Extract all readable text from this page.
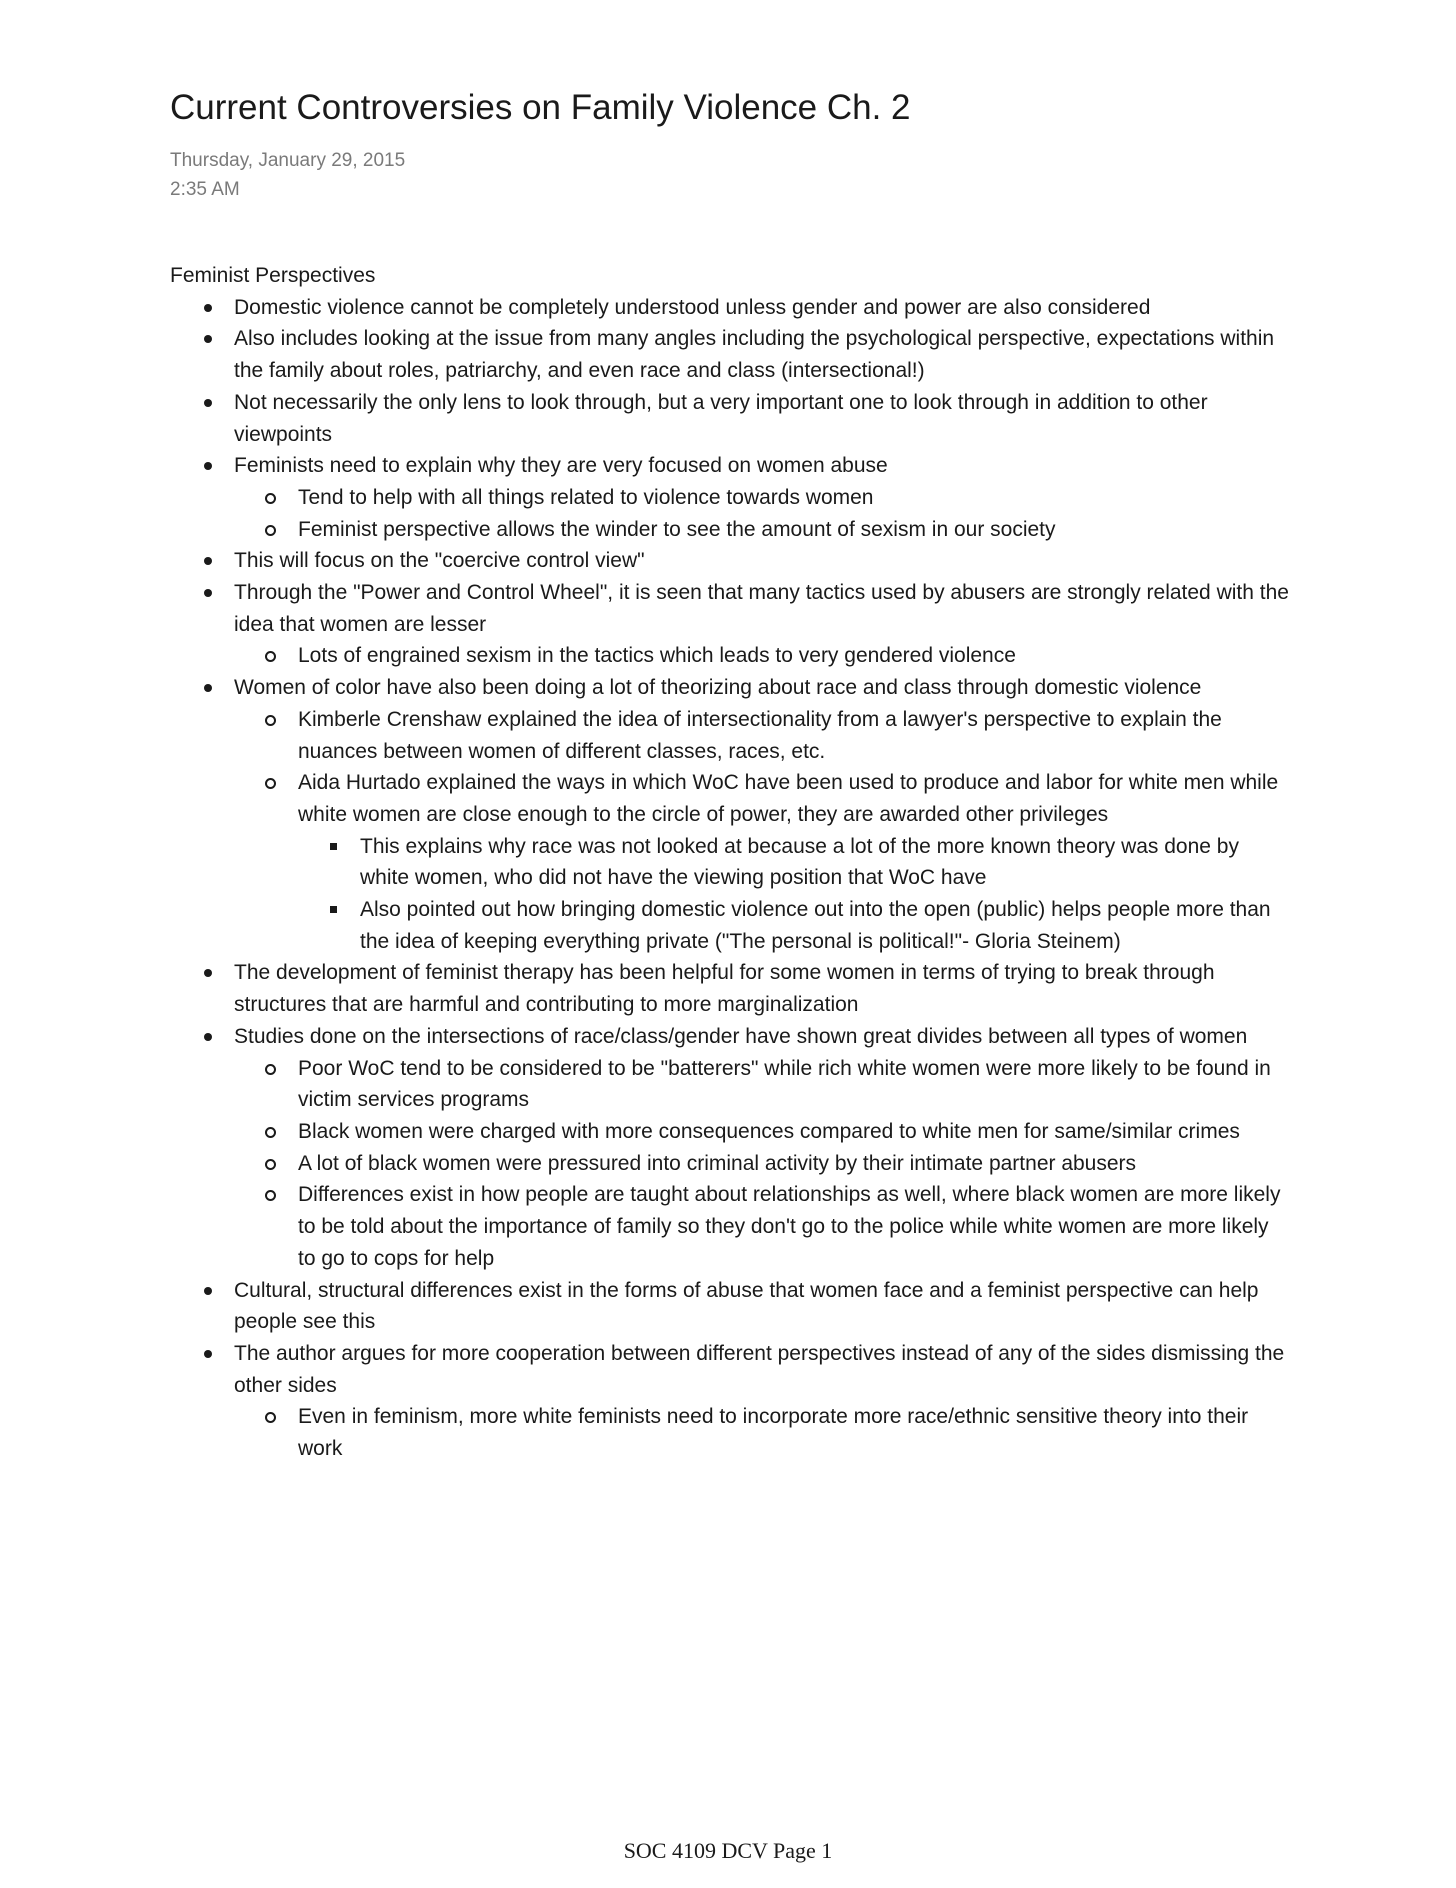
Current Controversies on Family Violence Ch. 2
Thursday, January 29, 2015
2:35 AM
Feminist Perspectives
Domestic violence cannot be completely understood unless gender and power are also considered
Also includes looking at the issue from many angles including the psychological perspective, expectations within the family about roles, patriarchy, and even race and class (intersectional!)
Not necessarily the only lens to look through, but a very important one to look through in addition to other viewpoints
Feminists need to explain why they are very focused on women abuse
Tend to help with all things related to violence towards women
Feminist perspective allows the winder to see the amount of sexism in our society
This will focus on the "coercive control view"
Through the "Power and Control Wheel", it is seen that many tactics used by abusers are strongly related with the idea that women are lesser
Lots of engrained sexism in the tactics which leads to very gendered violence
Women of color have also been doing a lot of theorizing about race and class through domestic violence
Kimberle Crenshaw explained the idea of intersectionality from a lawyer's perspective to explain the nuances between women of different classes, races, etc.
Aida Hurtado explained the ways in which WoC have been used to produce and labor for white men while white women are close enough to the circle of power, they are awarded other privileges
This explains why race was not looked at because a lot of the more known theory was done by white women, who did not have the viewing position that WoC have
Also pointed out how bringing domestic violence out into the open (public) helps people more than the idea of keeping everything private ("The personal is political!"- Gloria Steinem)
The development of feminist therapy has been helpful for some women in terms of trying to break through structures that are harmful and contributing to more marginalization
Studies done on the intersections of race/class/gender have shown great divides between all types of women
Poor WoC tend to be considered to be "batterers" while rich white women were more likely to be found in victim services programs
Black women were charged with more consequences compared to white men for same/similar crimes
A lot of black women were pressured into criminal activity by their intimate partner abusers
Differences exist in how people are taught about relationships as well, where black women are more likely to be told about the importance of family so they don't go to the police while white women are more likely to go to cops for help
Cultural, structural differences exist in the forms of abuse that women face and a feminist perspective can help people see this
The author argues for more cooperation between different perspectives instead of any of the sides dismissing the other sides
Even in feminism, more white feminists need to incorporate more race/ethnic sensitive theory into their work
SOC 4109 DCV Page 1
